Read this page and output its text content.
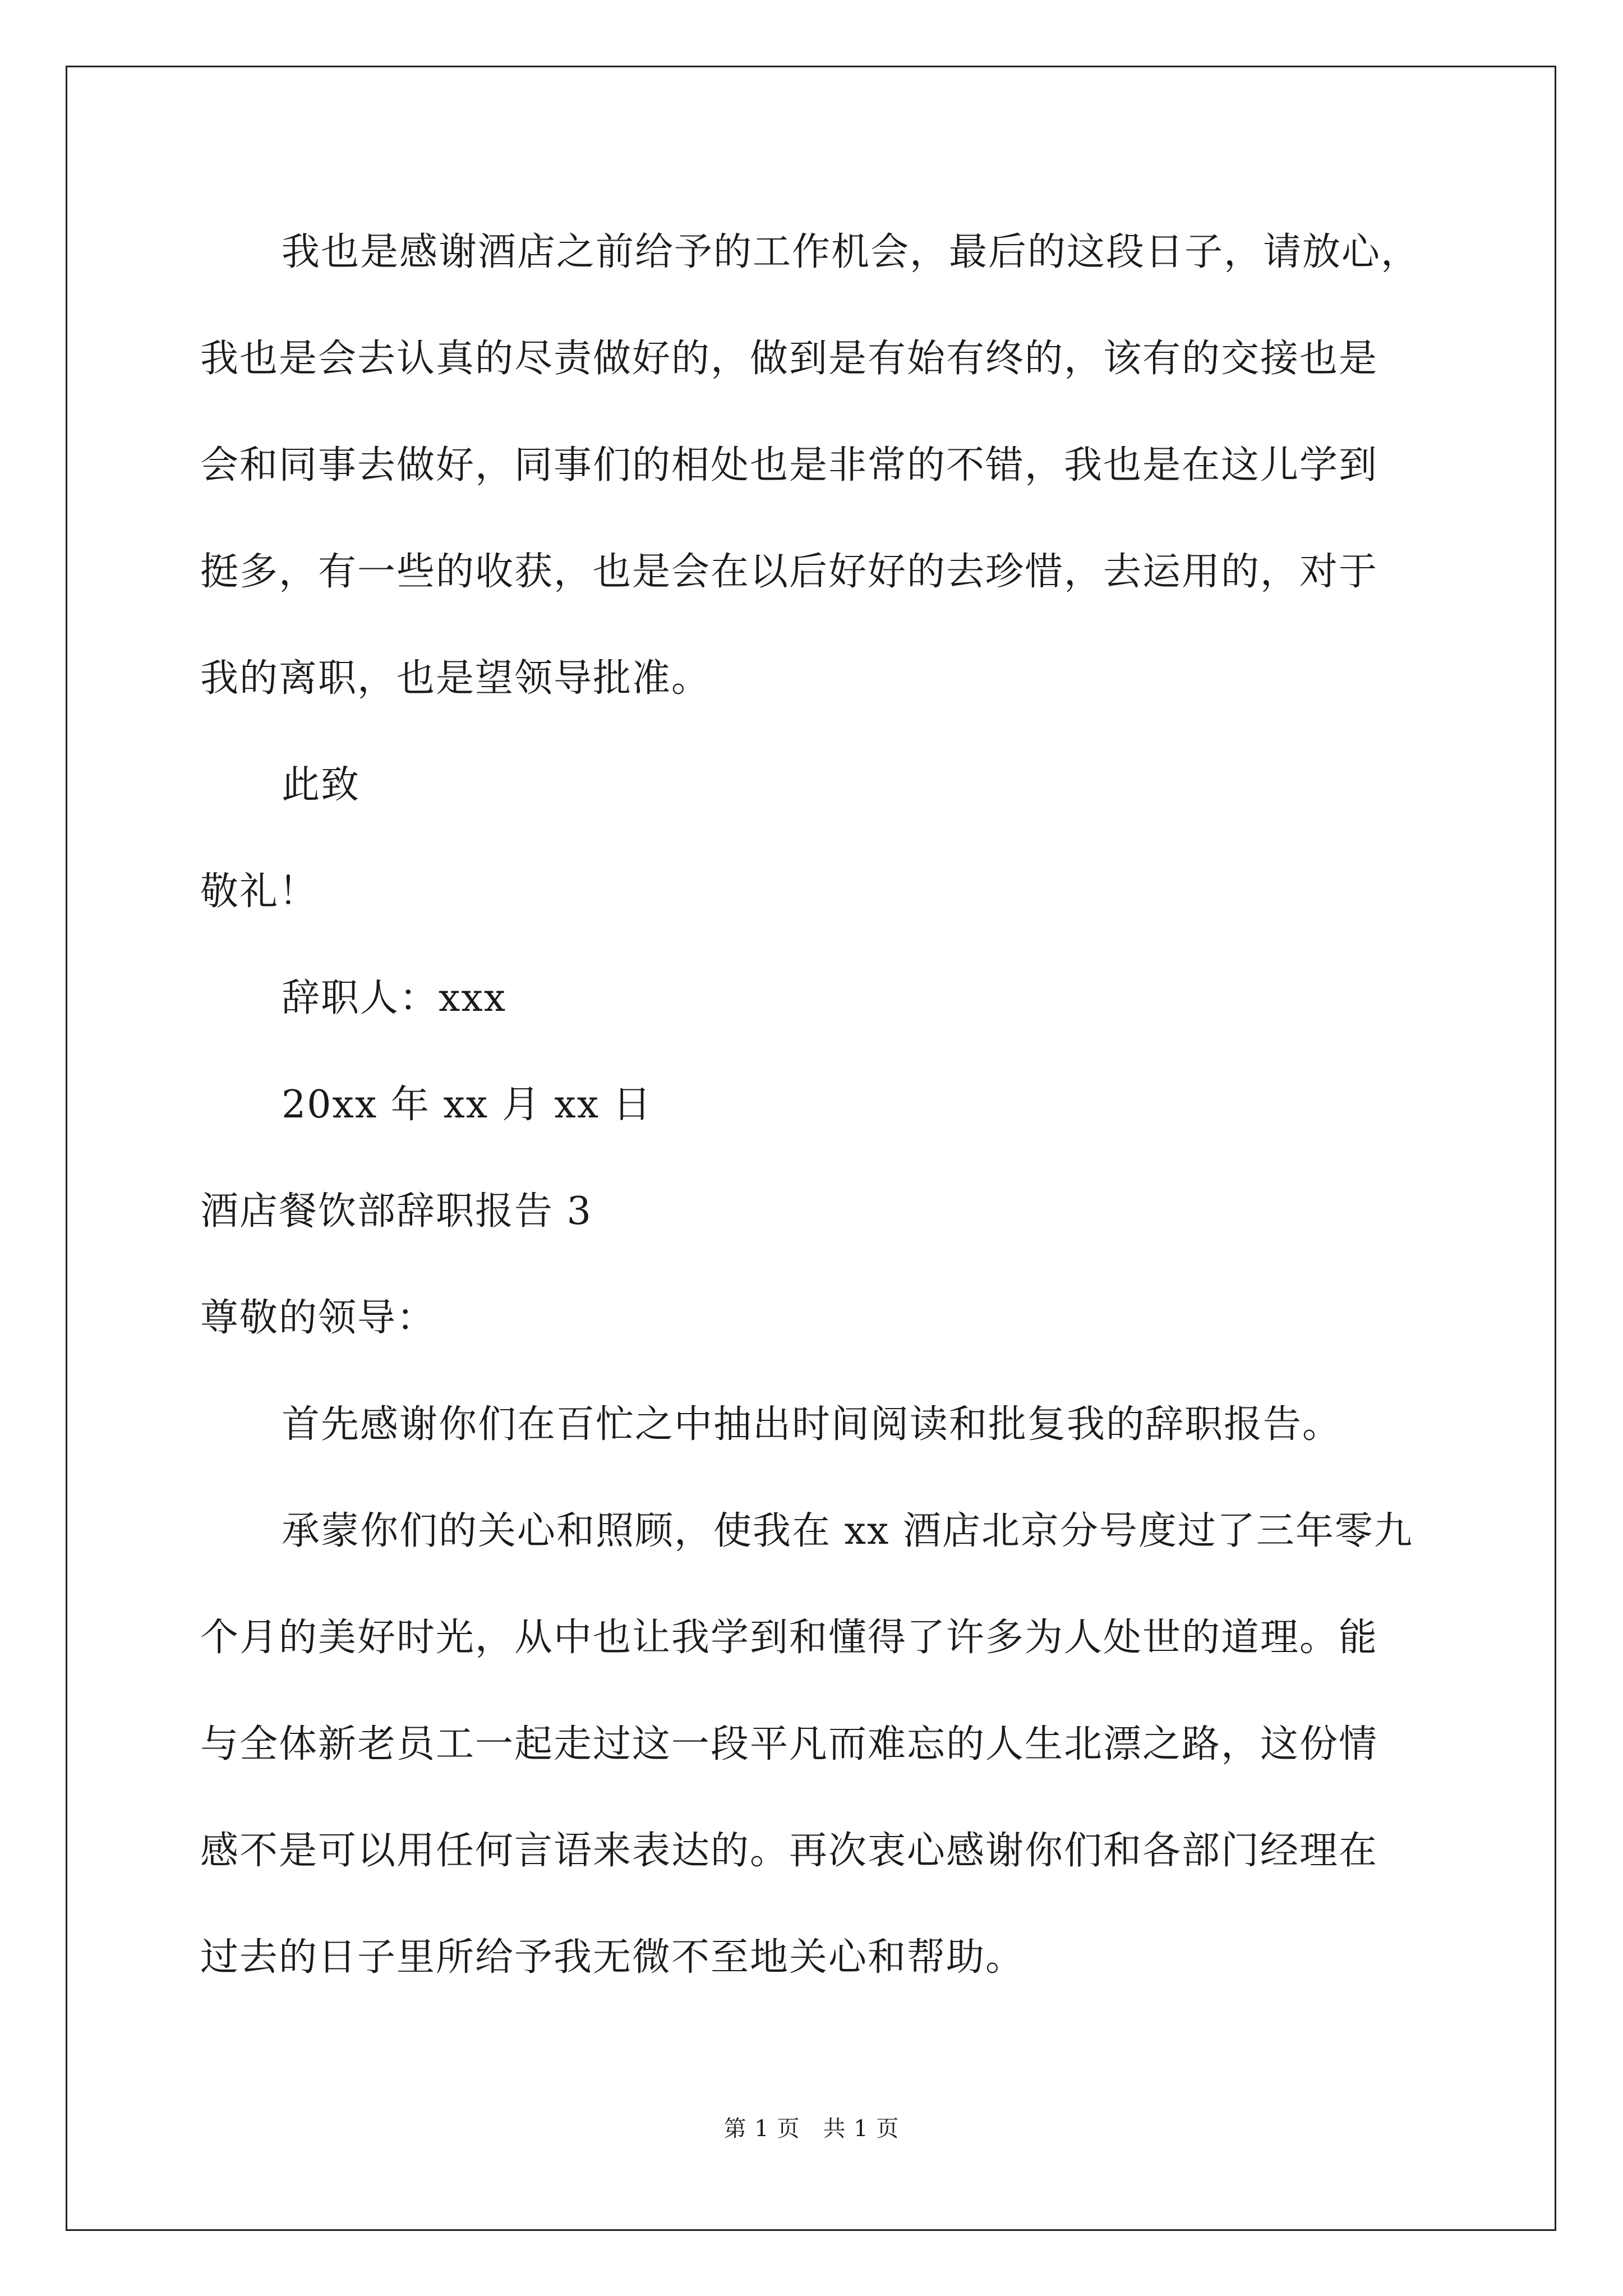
我也是感谢酒店之前给予的工作机会，最后的这段日子，请放心，
我也是会去认真的尽责做好的，做到是有始有终的，该有的交接也是
会和同事去做好，同事们的相处也是非常的不错，我也是在这儿学到
挺多，有一些的收获，也是会在以后好好的去珍惜，去运用的，对于
我的离职，也是望领导批准。
此致
敬礼！
辞职人：xxx
20xx 年 xx 月 xx 日
酒店餐饮部辞职报告 3
尊敬的领导：
首先感谢你们在百忙之中抽出时间阅读和批复我的辞职报告。
承蒙你们的关心和照顾，使我在 xx 酒店北京分号度过了三年零九
个月的美好时光，从中也让我学到和懂得了许多为人处世的道理。能
与全体新老员工一起走过这一段平凡而难忘的人生北漂之路，这份情
感不是可以用任何言语来表达的。再次衷心感谢你们和各部门经理在
过去的日子里所给予我无微不至地关心和帮助。
第 1 页　共 1 页
